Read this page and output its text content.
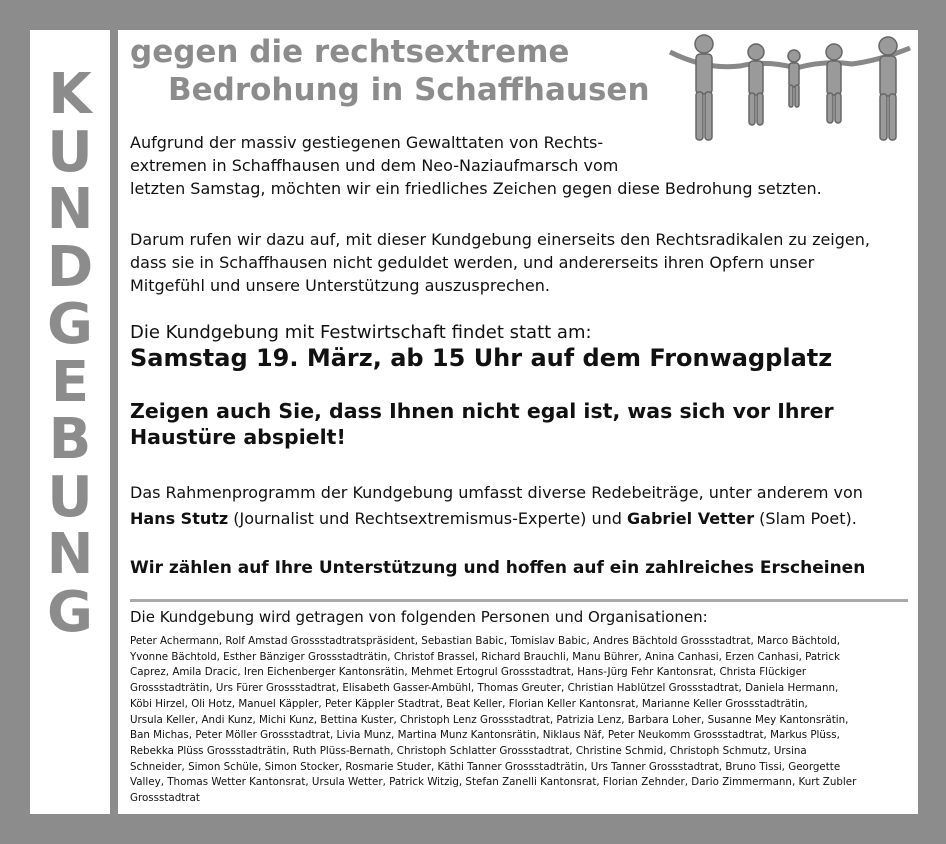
K
U
N
D
G
E
B
U
N
G
gegen die rechtsextreme
Bedrohung in Schaffhausen
Aufgrund der massiv gestiegenen Gewalttaten von Rechts-
extremen in Schaffhausen und dem Neo-Naziaufmarsch vom
letzten Samstag, möchten wir ein friedliches Zeichen gegen diese Bedrohung setzten.
Darum rufen wir dazu auf, mit dieser Kundgebung einerseits den Rechtsradikalen zu zeigen,
dass sie in Schaffhausen nicht geduldet werden, und andererseits ihren Opfern unser
Mitgefühl und unsere Unterstützung auszusprechen.
Die Kundgebung mit Festwirtschaft findet statt am:
Samstag 19. März, ab 15 Uhr auf dem Fronwagplatz
Zeigen auch Sie, dass Ihnen nicht egal ist, was sich vor Ihrer
Haustüre abspielt!
Das Rahmenprogramm der Kundgebung umfasst diverse Redebeiträge, unter anderem von
Hans Stutz (Journalist und Rechtsextremismus-Experte) und Gabriel Vetter (Slam Poet).
Wir zählen auf Ihre Unterstützung und hoffen auf ein zahlreiches Erscheinen
Die Kundgebung wird getragen von folgenden Personen und Organisationen:
Peter Achermann, Rolf Amstad Grossstadtratspräsident, Sebastian Babic, Tomislav Babic, Andres Bächtold Grossstadtrat, Marco Bächtold,
Yvonne Bächtold, Esther Bänziger Grossstadträtin, Christof Brassel, Richard Brauchli, Manu Bührer, Anina Canhasi, Erzen Canhasi, Patrick
Caprez, Amila Dracic, Iren Eichenberger Kantonsrätin, Mehmet Ertogrul Grossstadtrat, Hans-Jürg Fehr Kantonsrat, Christa Flückiger
Grossstadträtin, Urs Fürer Grossstadtrat, Elisabeth Gasser-Ambühl, Thomas Greuter, Christian Hablützel Grossstadtrat, Daniela Hermann,
Köbi Hirzel, Oli Hotz, Manuel Käppler, Peter Käppler Stadtrat, Beat Keller, Florian Keller Kantonsrat, Marianne Keller Grossstadträtin,
Ursula Keller, Andi Kunz, Michi Kunz, Bettina Kuster, Christoph Lenz Grossstadtrat, Patrizia Lenz, Barbara Loher, Susanne Mey Kantonsrätin,
Ban Michas, Peter Möller Grossstadtrat, Livia Munz, Martina Munz Kantonsrätin, Niklaus Näf, Peter Neukomm Grossstadtrat, Markus Plüss,
Rebekka Plüss Grossstadträtin, Ruth Plüss-Bernath, Christoph Schlatter Grossstadtrat, Christine Schmid, Christoph Schmutz, Ursina
Schneider, Simon Schüle, Simon Stocker, Rosmarie Studer, Käthi Tanner Grossstadträtin, Urs Tanner Grossstadtrat, Bruno Tissi, Georgette
Valley, Thomas Wetter Kantonsrat, Ursula Wetter, Patrick Witzig, Stefan Zanelli Kantonsrat, Florian Zehnder, Dario Zimmermann, Kurt Zubler
Grossstadtrat
